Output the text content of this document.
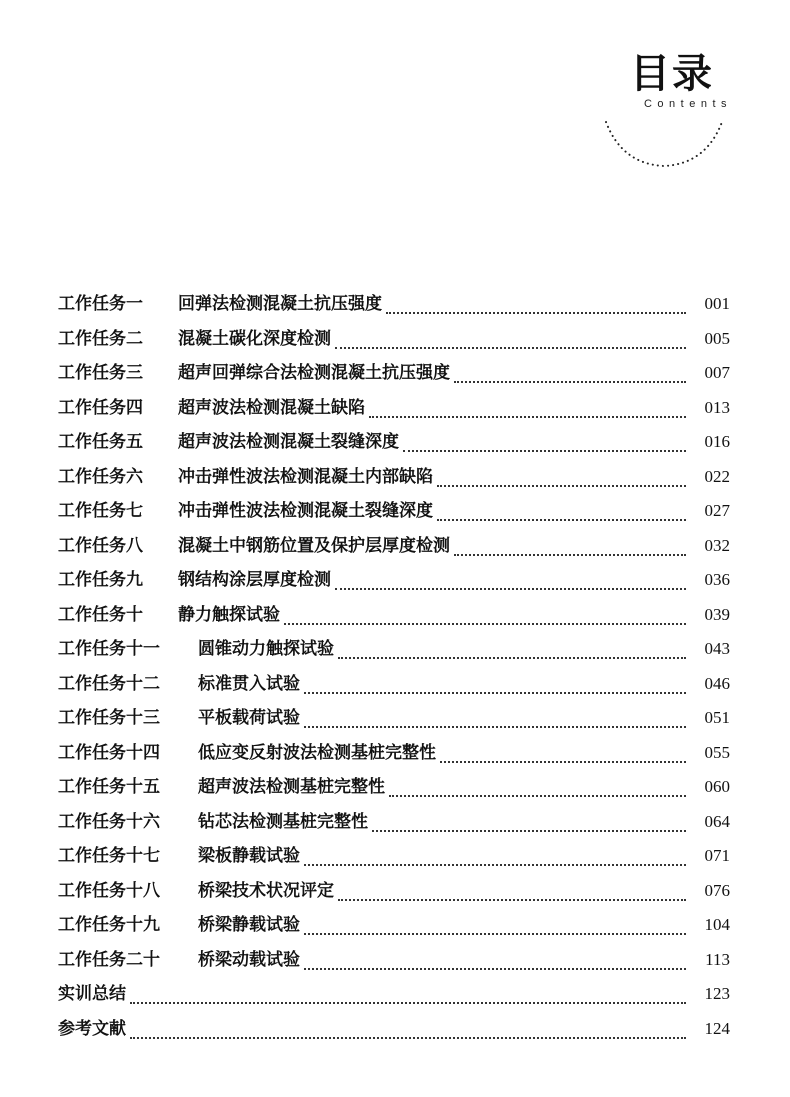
目录

Contents

工作任务一	回弹法检测混凝土抗压强度	001
工作任务二	混凝土碳化深度检测	005
工作任务三	超声回弹综合法检测混凝土抗压强度	007
工作任务四	超声波法检测混凝土缺陷	013
工作任务五	超声波法检测混凝土裂缝深度	016
工作任务六	冲击弹性波法检测混凝土内部缺陷	022
工作任务七	冲击弹性波法检测混凝土裂缝深度	027
工作任务八	混凝土中钢筋位置及保护层厚度检测	032
工作任务九	钢结构涂层厚度检测	036
工作任务十	静力触探试验	039
工作任务十一	圆锥动力触探试验	043
工作任务十二	标准贯入试验	046
工作任务十三	平板载荷试验	051
工作任务十四	低应变反射波法检测基桩完整性	055
工作任务十五	超声波法检测基桩完整性	060
工作任务十六	钻芯法检测基桩完整性	064
工作任务十七	梁板静载试验	071
工作任务十八	桥梁技术状况评定	076
工作任务十九	桥梁静载试验	104
工作任务二十	桥梁动载试验	113
实训总结	123
参考文献	124
